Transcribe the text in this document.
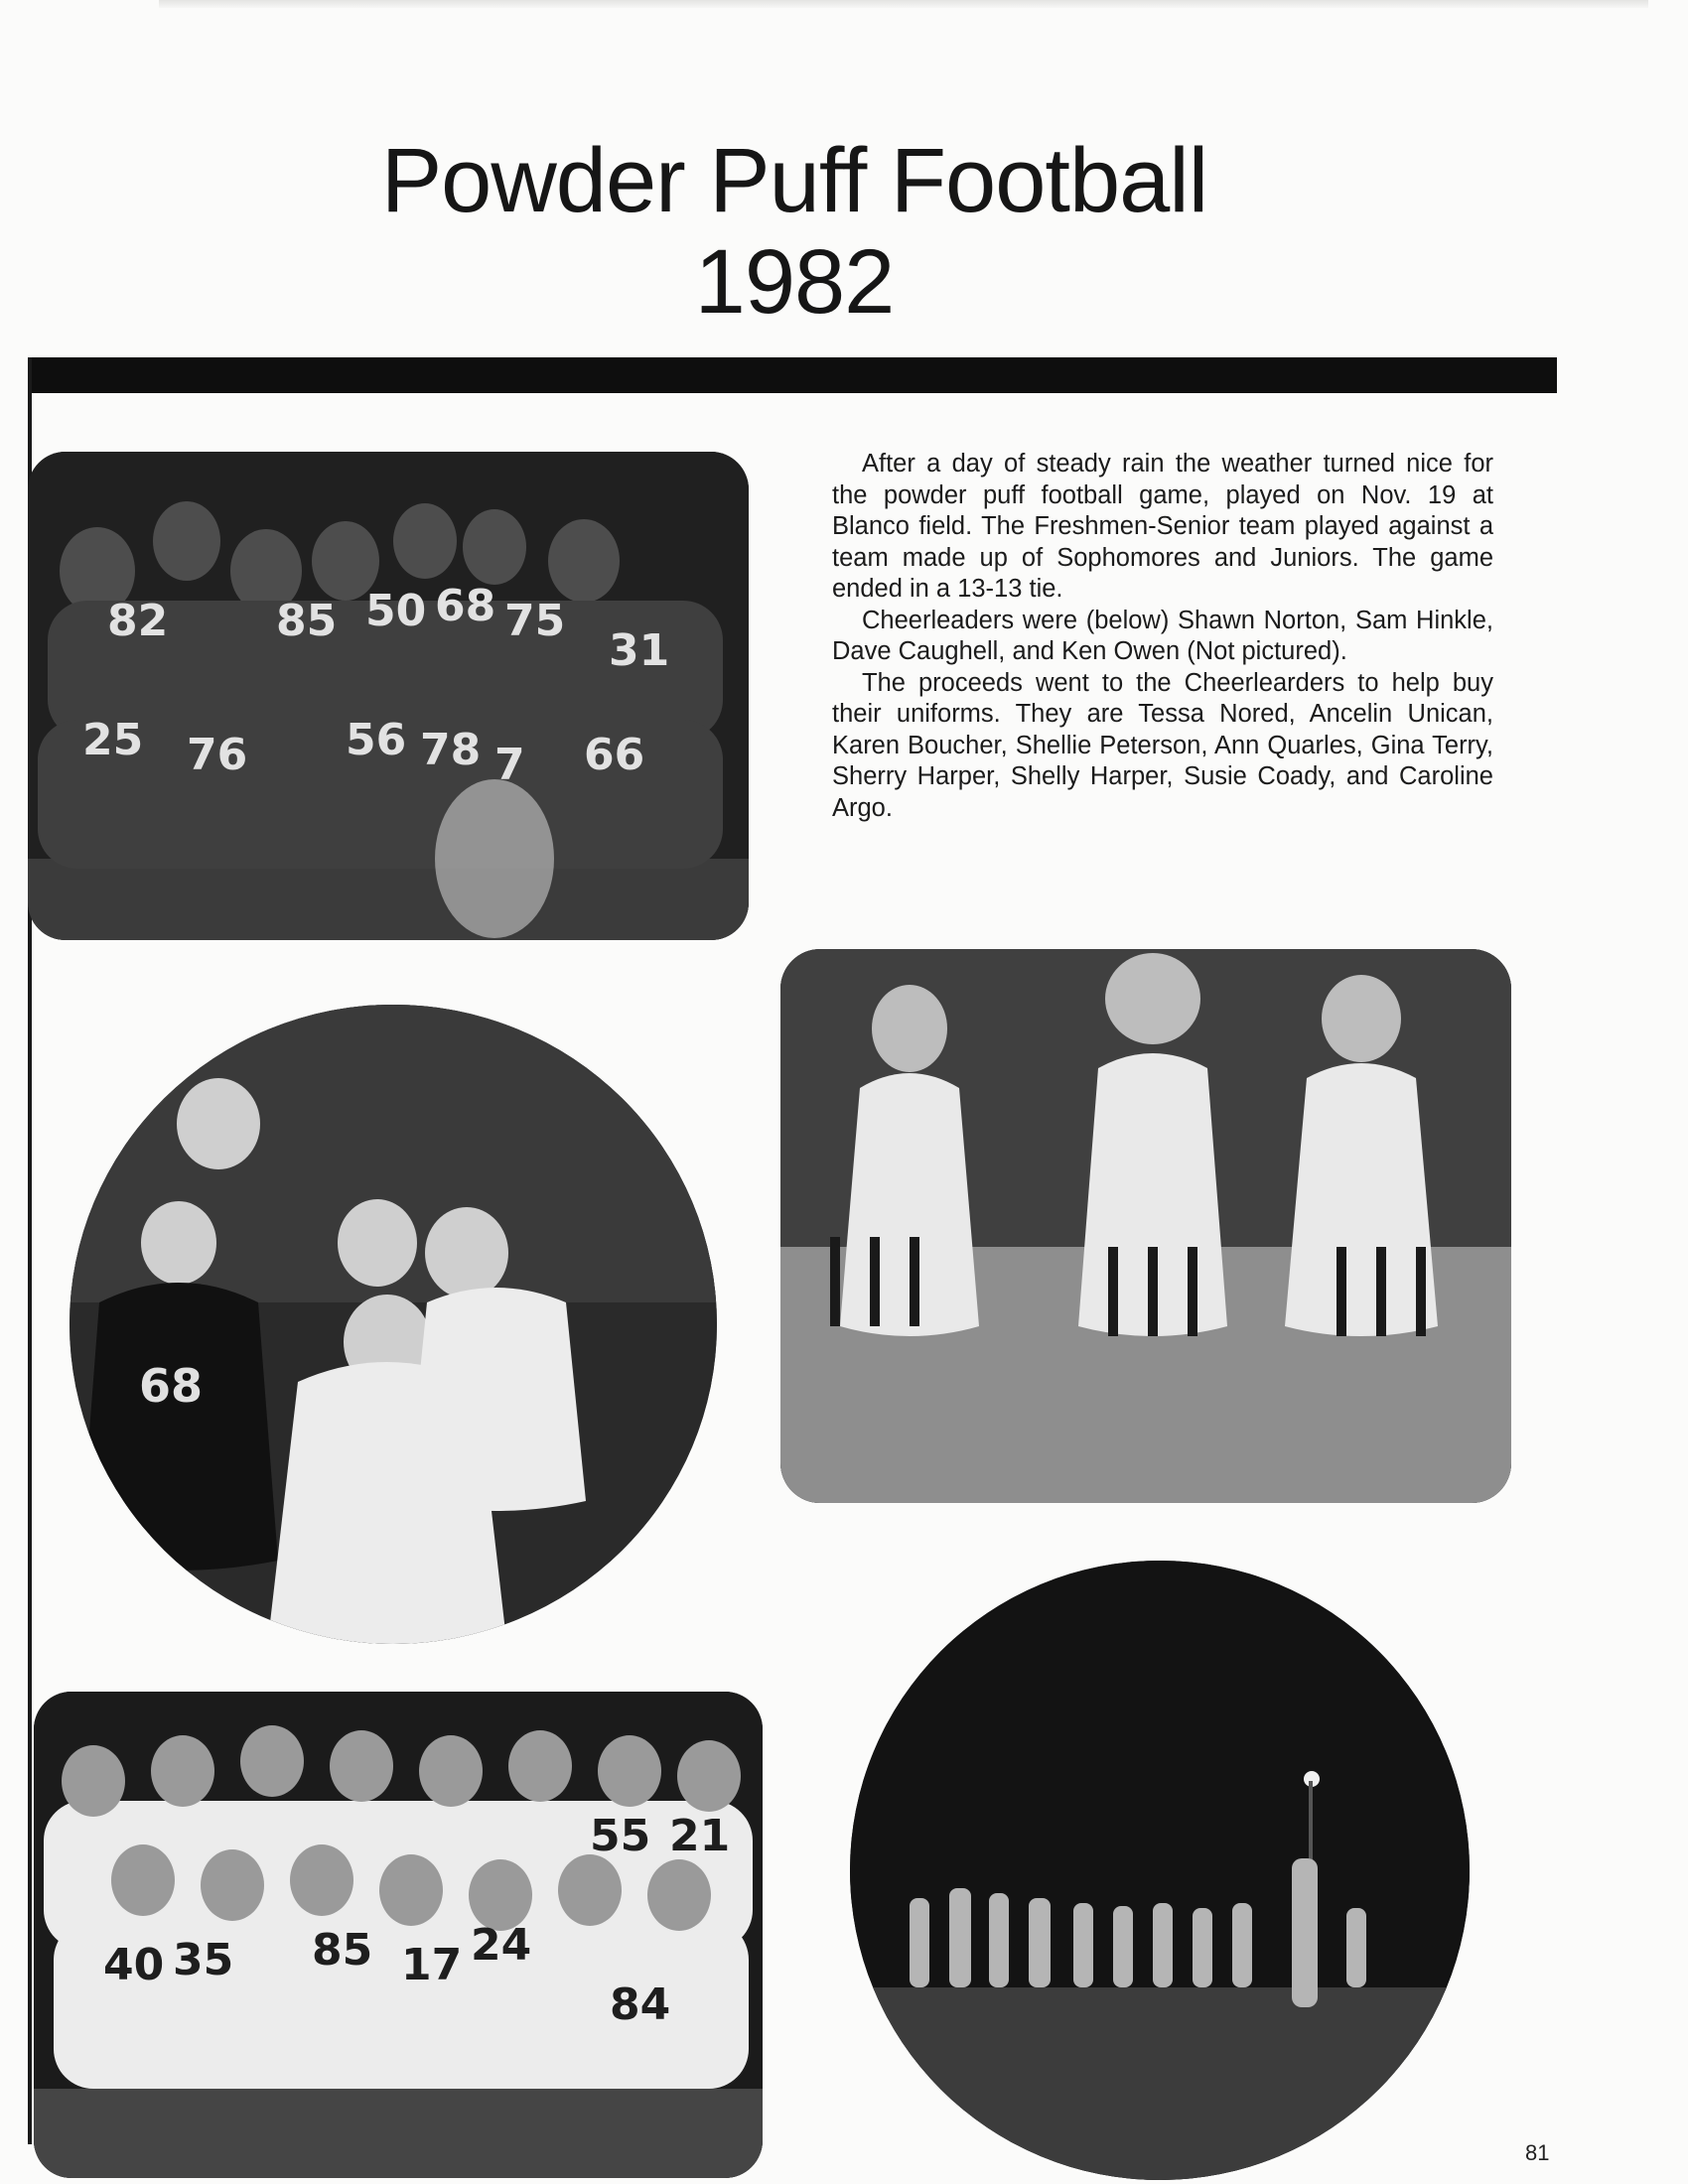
Powder Puff Football
1982

After a day of steady rain the weather turned nice for the powder puff football game, played on Nov. 19 at Blanco field. The Freshmen-Senior team played against a team made up of Sophomores and Juniors. The game ended in a 13-13 tie.

Cheerleaders were (below) Shawn Norton, Sam Hinkle, Dave Caughell, and Ken Owen (Not pictured).

The proceeds went to the Cheerlearders to help buy their uniforms. They are Tessa Nored, Ancelin Unican, Karen Boucher, Shellie Peterson, Ann Quarles, Gina Terry, Sherry Harper, Shelly Harper, Susie Coady, and Caroline Argo.

82 85 50 68 75
31
25 76 56 78 7 66
68
55 21
40 35 85 17 24
84
81
